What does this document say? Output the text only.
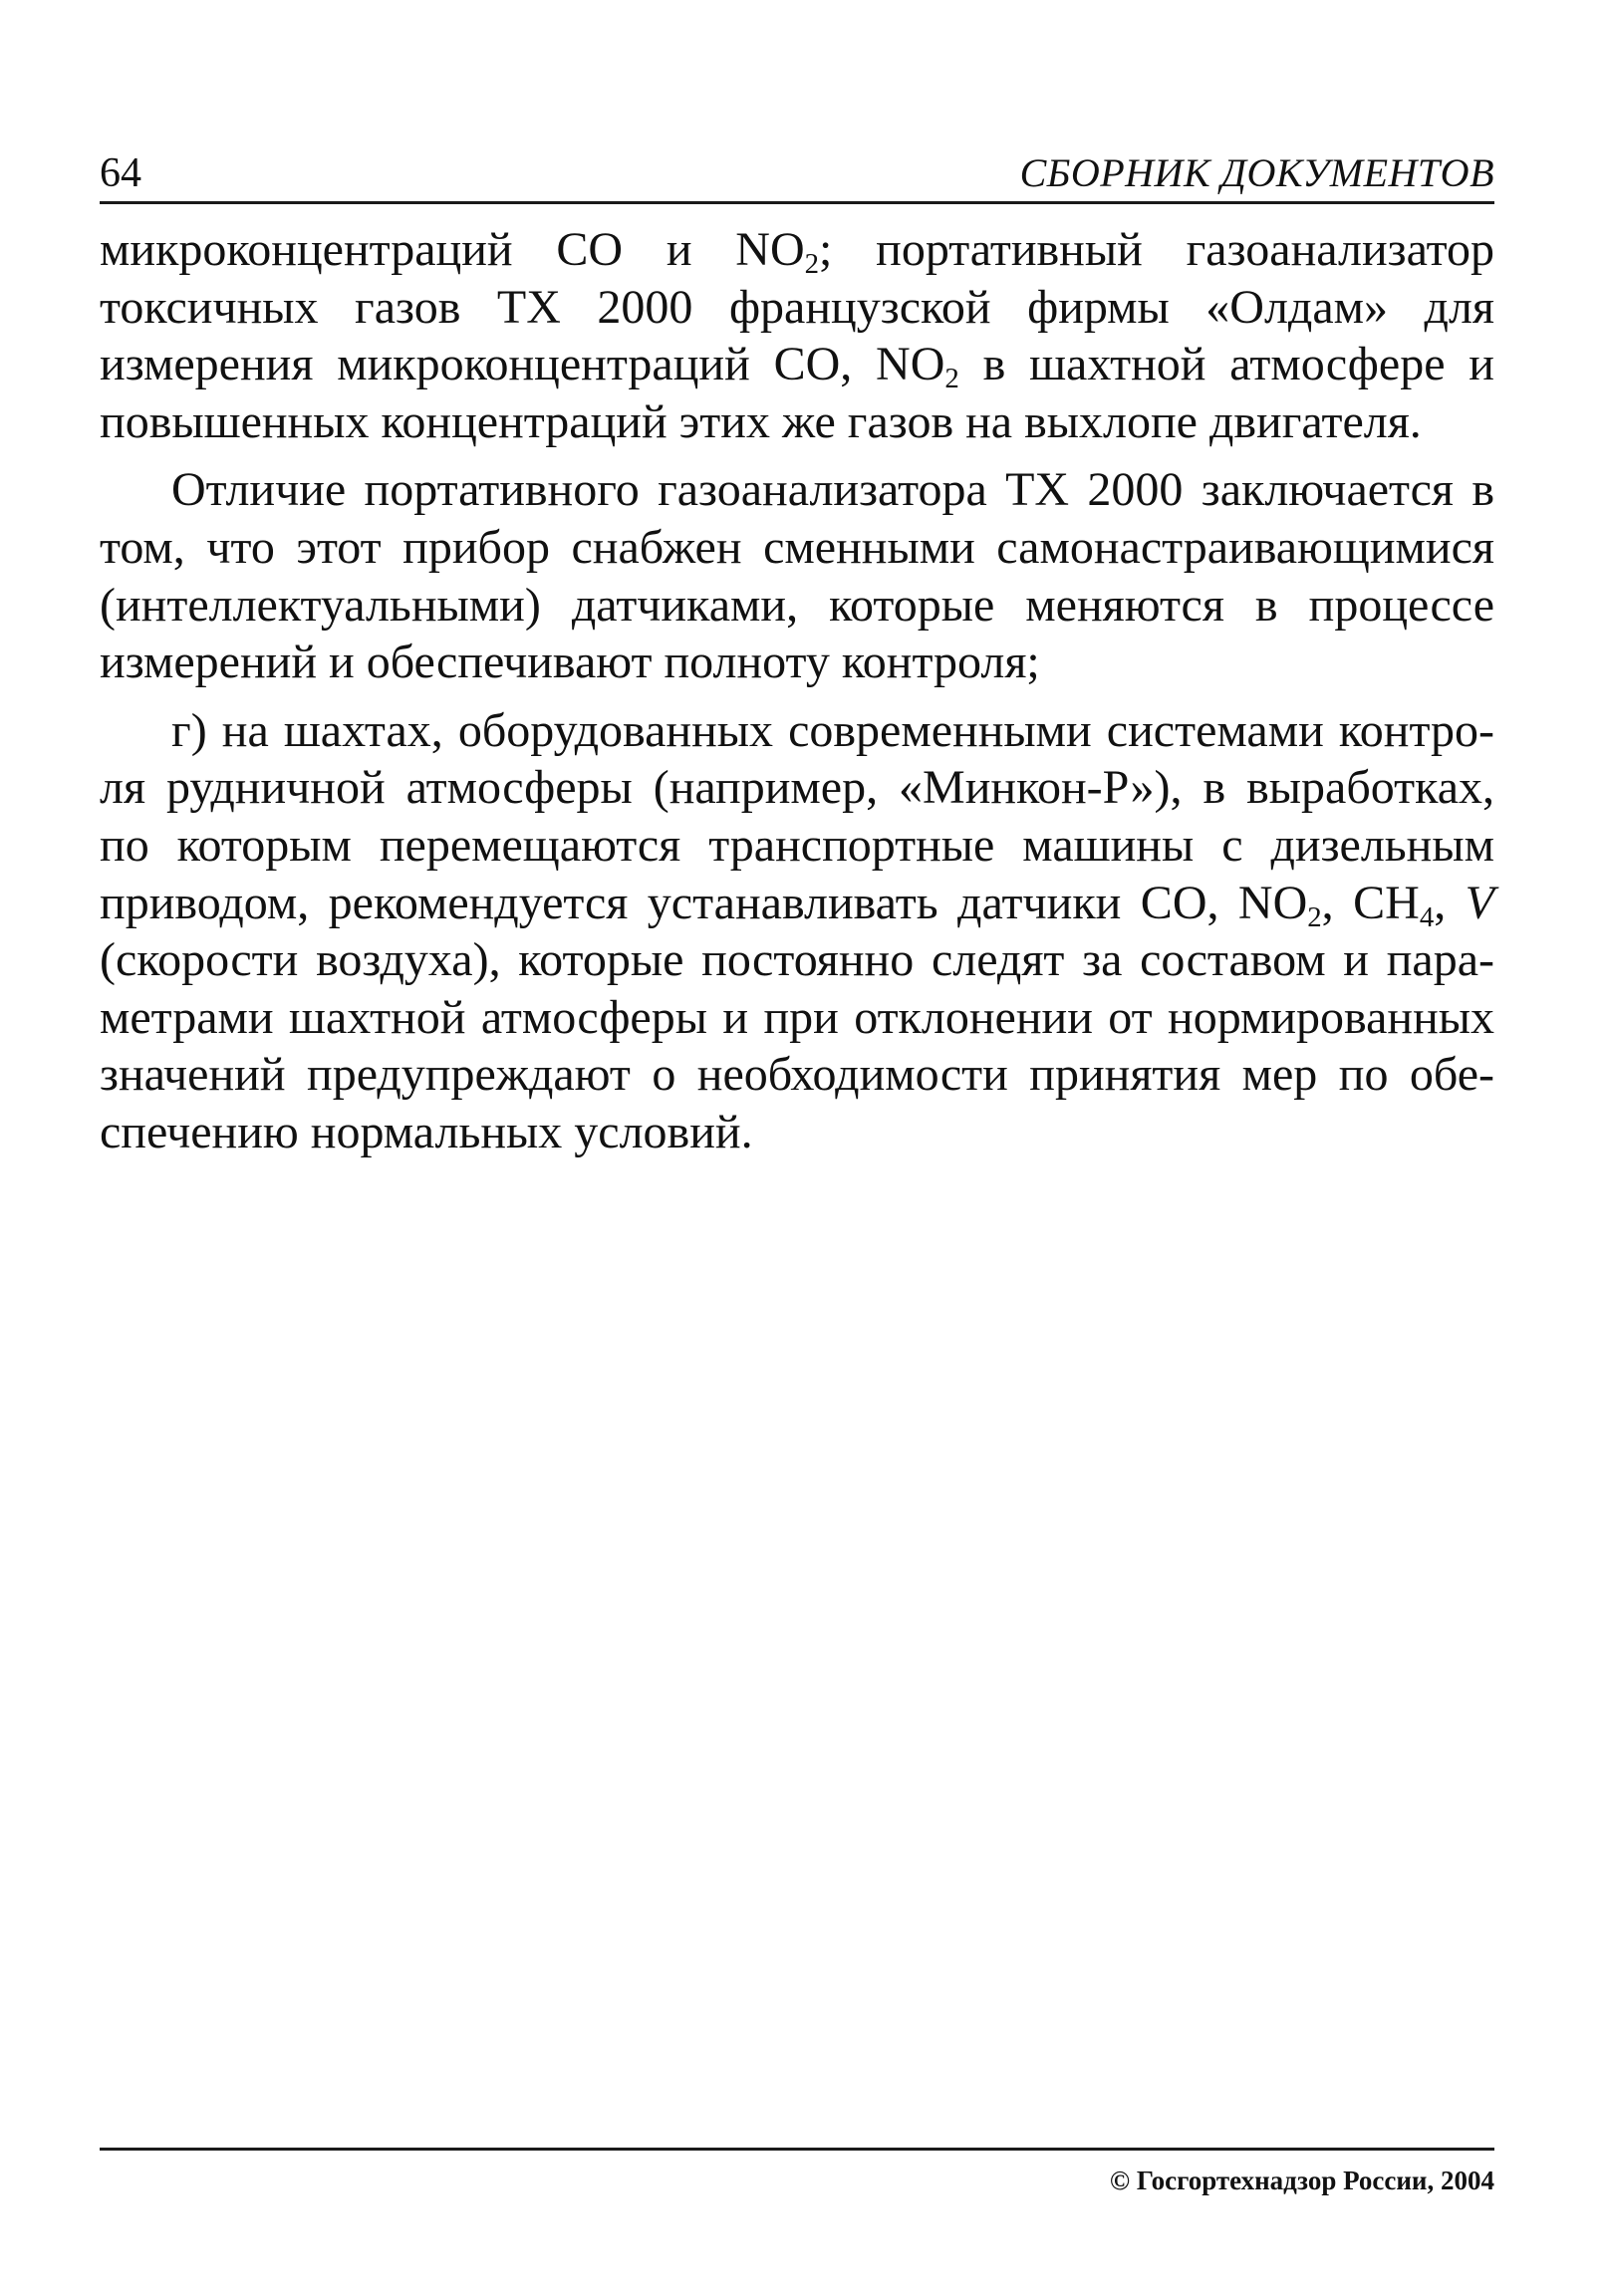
64	СБОРНИК ДОКУМЕНТОВ

микроконцентраций СО и $NO_2$; портативный газоанализатор токсичных газов ТХ 2000 французской фирмы «Олдам» для измерения микроконцентраций СО, $NO_2$ в шахтной атмосфере и повышенных концентраций этих же газов на выхлопе двигателя.

Отличие портативного газоанализатора ТХ 2000 заключается в том, что этот прибор снабжен сменными самонастраивающимися (интеллектуальными) датчиками, которые меняются в процессе измерений и обеспечивают полноту контроля;

г) на шахтах, оборудованных современными системами контроля рудничной атмосферы (например, «Минкон-Р»), в выработках, по которым перемещаются транспортные машины с дизельным приводом, рекомендуется устанавливать датчики СО, $NO_2$, $CH_4$, V (скорости воздуха), которые постоянно следят за составом и параметрами шахтной атмосферы и при отклонении от нормированных значений предупреждают о необходимости принятия мер по обеспечению нормальных условий.

© Госгортехнадзор России, 2004
